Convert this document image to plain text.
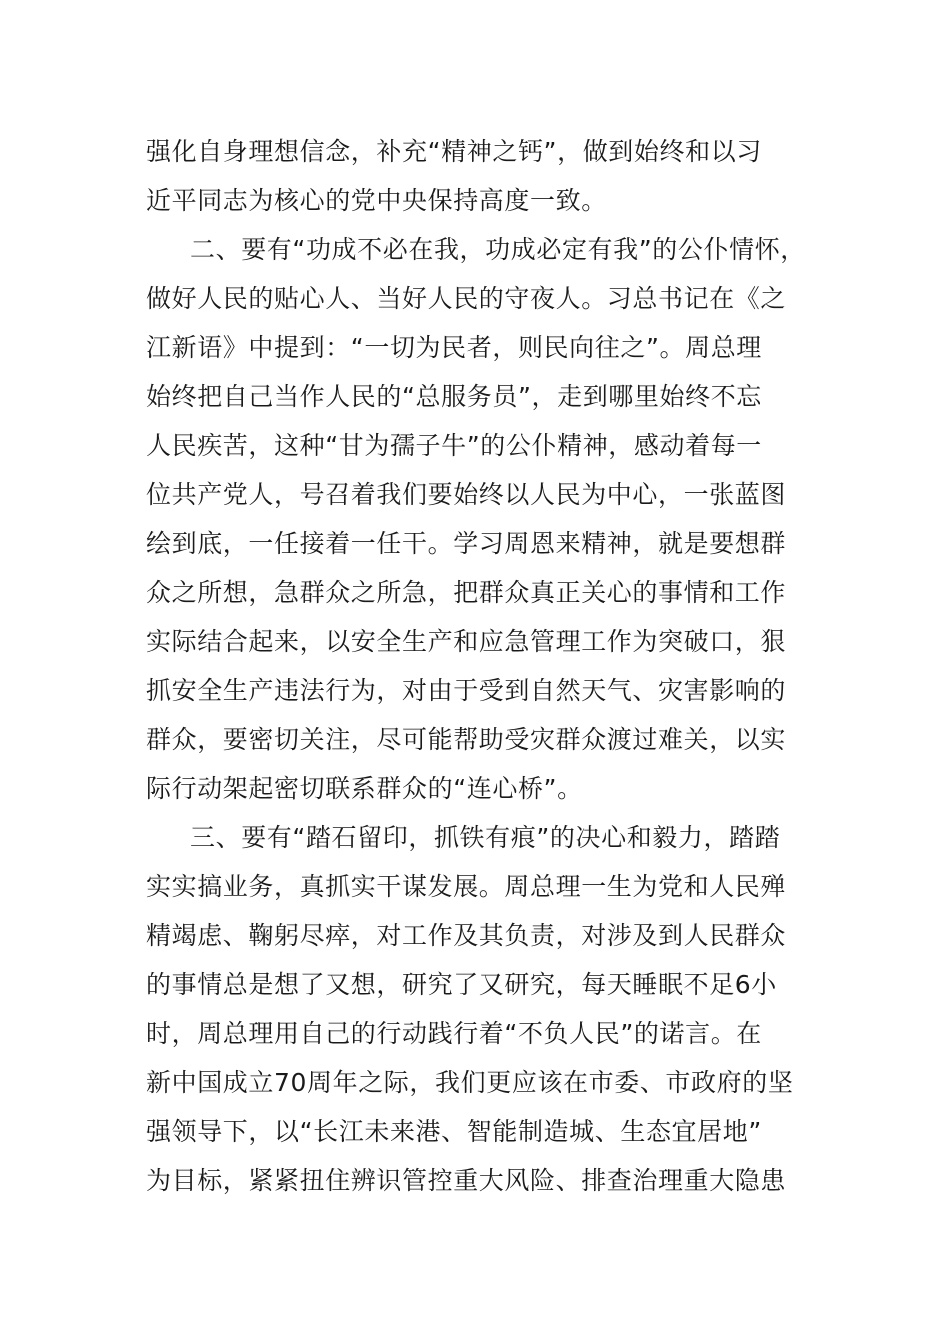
强化自身理想信念，补充“精神之钙”，做到始终和以习
近平同志为核心的党中央保持高度一致。
二、要有“功成不必在我，功成必定有我”的公仆情怀，
做好人民的贴心人、当好人民的守夜人。习总书记在《之
江新语》中提到：“一切为民者，则民向往之”。周总理
始终把自己当作人民的“总服务员”，走到哪里始终不忘
人民疾苦，这种“甘为孺子牛”的公仆精神，感动着每一
位共产党人，号召着我们要始终以人民为中心，一张蓝图
绘到底，一任接着一任干。学习周恩来精神，就是要想群
众之所想，急群众之所急，把群众真正关心的事情和工作
实际结合起来，以安全生产和应急管理工作为突破口，狠
抓安全生产违法行为，对由于受到自然天气、灾害影响的
群众，要密切关注，尽可能帮助受灾群众渡过难关，以实
际行动架起密切联系群众的“连心桥”。
三、要有“踏石留印，抓铁有痕”的决心和毅力，踏踏
实实搞业务，真抓实干谋发展。周总理一生为党和人民殚
精竭虑、鞠躬尽瘁，对工作及其负责，对涉及到人民群众
的事情总是想了又想，研究了又研究，每天睡眠不足6小
时，周总理用自己的行动践行着“不负人民”的诺言。在
新中国成立70周年之际，我们更应该在市委、市政府的坚
强领导下，以“长江未来港、智能制造城、生态宜居地”
为目标，紧紧扭住辨识管控重大风险、排查治理重大隐患
